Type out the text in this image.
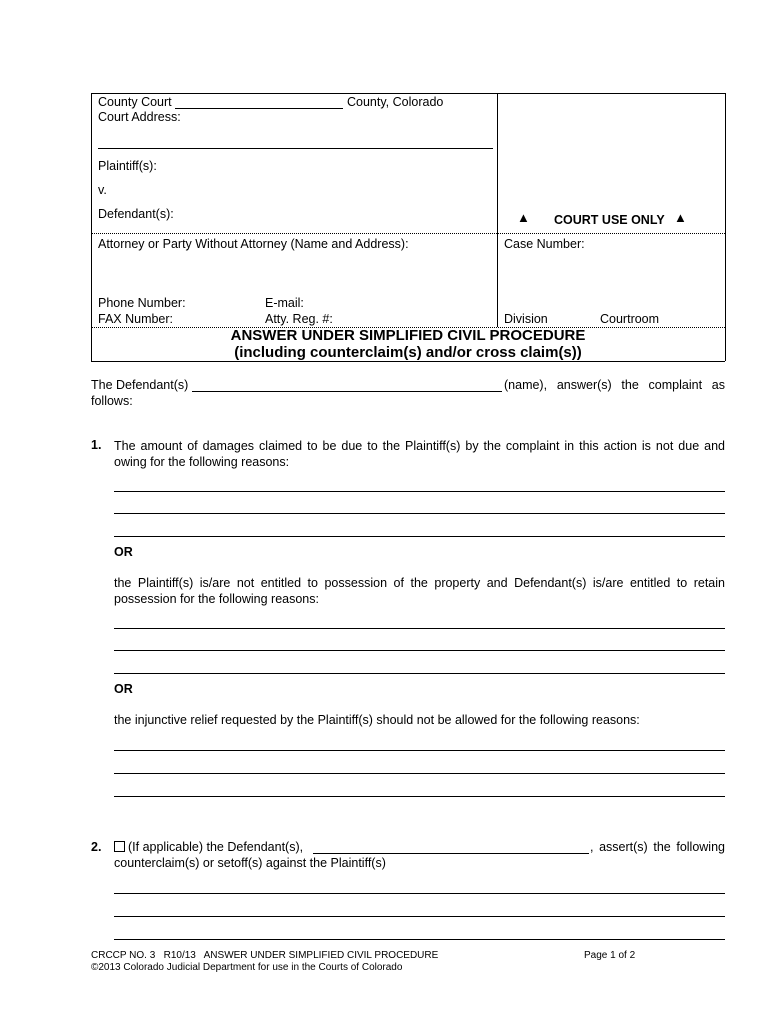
County Court	County, Colorado
Court Address:
Plaintiff(s):
v.
Defendant(s):	▲ COURT USE ONLY ▲
Attorney or Party Without Attorney (Name and Address):	Case Number:
Phone Number:	E-mail:
FAX Number:	Atty. Reg. #:	Division	Courtroom
ANSWER UNDER SIMPLIFIED CIVIL PROCEDURE
(including counterclaim(s) and/or cross claim(s))
The Defendant(s)	(name), answer(s) the complaint as
follows:
1. The amount of damages claimed to be due to the Plaintiff(s) by the complaint in this action is not due and owing for the following reasons:
OR
the Plaintiff(s) is/are not entitled to possession of the property and Defendant(s) is/are entitled to retain possession for the following reasons:
OR
the injunctive relief requested by the Plaintiff(s) should not be allowed for the following reasons:
2. (If applicable) the Defendant(s),	, assert(s) the following
counterclaim(s) or setoff(s) against the Plaintiff(s)
CRCCP NO. 3   R10/13   ANSWER UNDER SIMPLIFIED CIVIL PROCEDURE
©2013 Colorado Judicial Department for use in the Courts of Colorado
Page 1 of 2
